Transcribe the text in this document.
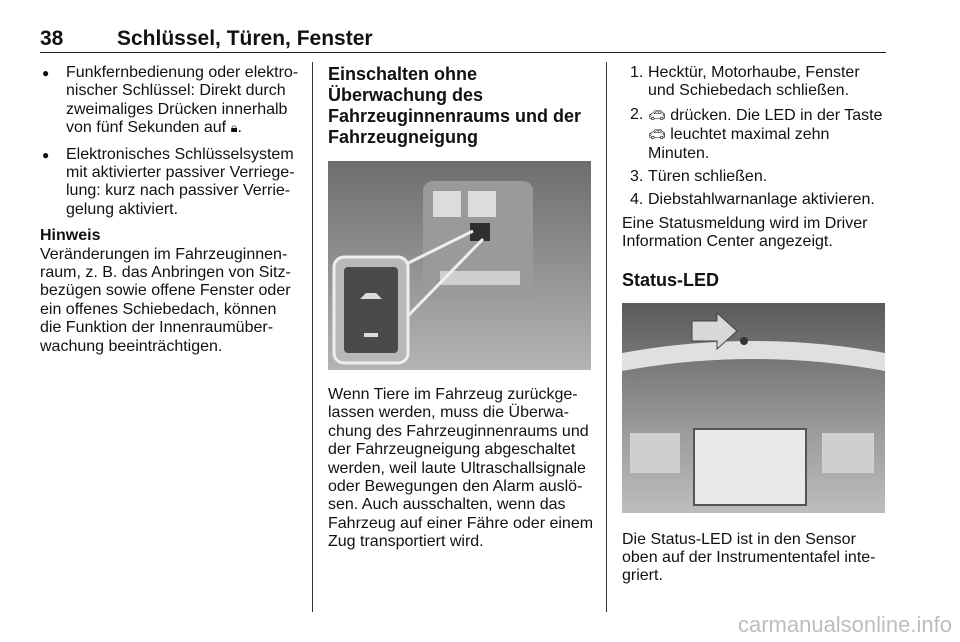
38	Schlüssel, Türen, Fenster
● Funkfernbedienung oder elektronischer Schlüssel: Direkt durch zweimaliges Drücken innerhalb von fünf Sekunden auf 🔒︎.
● Elektronisches Schlüsselsystem mit aktivierter passiver Verriegelung: kurz nach passiver Verriegelung aktiviert.

Hinweis

Veränderungen im Fahrzeuginnenraum, z. B. das Anbringen von Sitzbezügen sowie offene Fenster oder ein offenes Schiebedach, können die Funktion der Innenraumüberwachung beeinträchtigen.

Einschalten ohne Überwachung des Fahrzeuginnenraums und der Fahrzeugneigung

Wenn Tiere im Fahrzeug zurückgelassen werden, muss die Überwachung des Fahrzeuginnenraums und der Fahrzeugneigung abgeschaltet werden, weil laute Ultraschallsignale oder Bewegungen den Alarm auslösen. Auch ausschalten, wenn das Fahrzeug auf einer Fähre oder einem Zug transportiert wird.

1. Hecktür, Motorhaube, Fenster und Schiebedach schließen.
2. 🚗︎ drücken. Die LED in der Taste 🚗︎ leuchtet maximal zehn Minuten.
3. Türen schließen.
4. Diebstahlwarnanlage aktivieren.

Eine Statusmeldung wird im Driver Information Center angezeigt.

Status-LED

Die Status-LED ist in den Sensor oben auf der Instrumententafel integriert.

carmanualsonline.info
